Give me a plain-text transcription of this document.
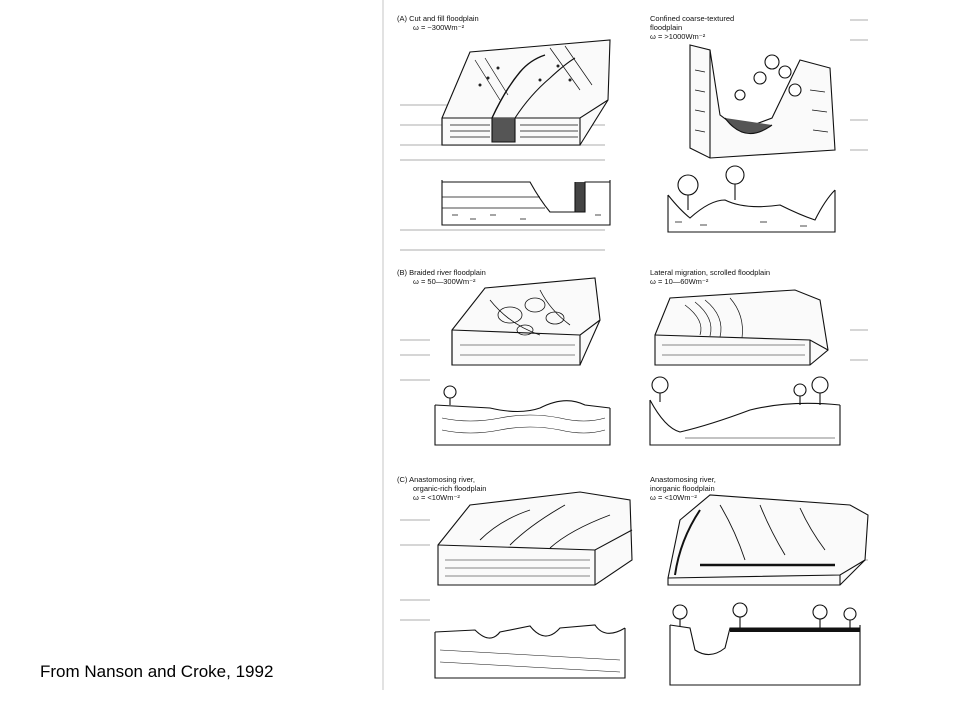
(A) Cut and fill floodplain
ω = ~300Wm⁻²
Confined coarse-textured
floodplain
ω = >1000Wm⁻²
(B) Braided river floodplain
ω = 50—300Wm⁻²
Lateral migration, scrolled floodplain
ω = 10—60Wm⁻²
(C) Anastomosing river,
organic-rich floodplain
ω = <10Wm⁻²
Anastomosing river,
inorganic floodplain
ω = <10Wm⁻²
From Nanson and Croke, 1992
